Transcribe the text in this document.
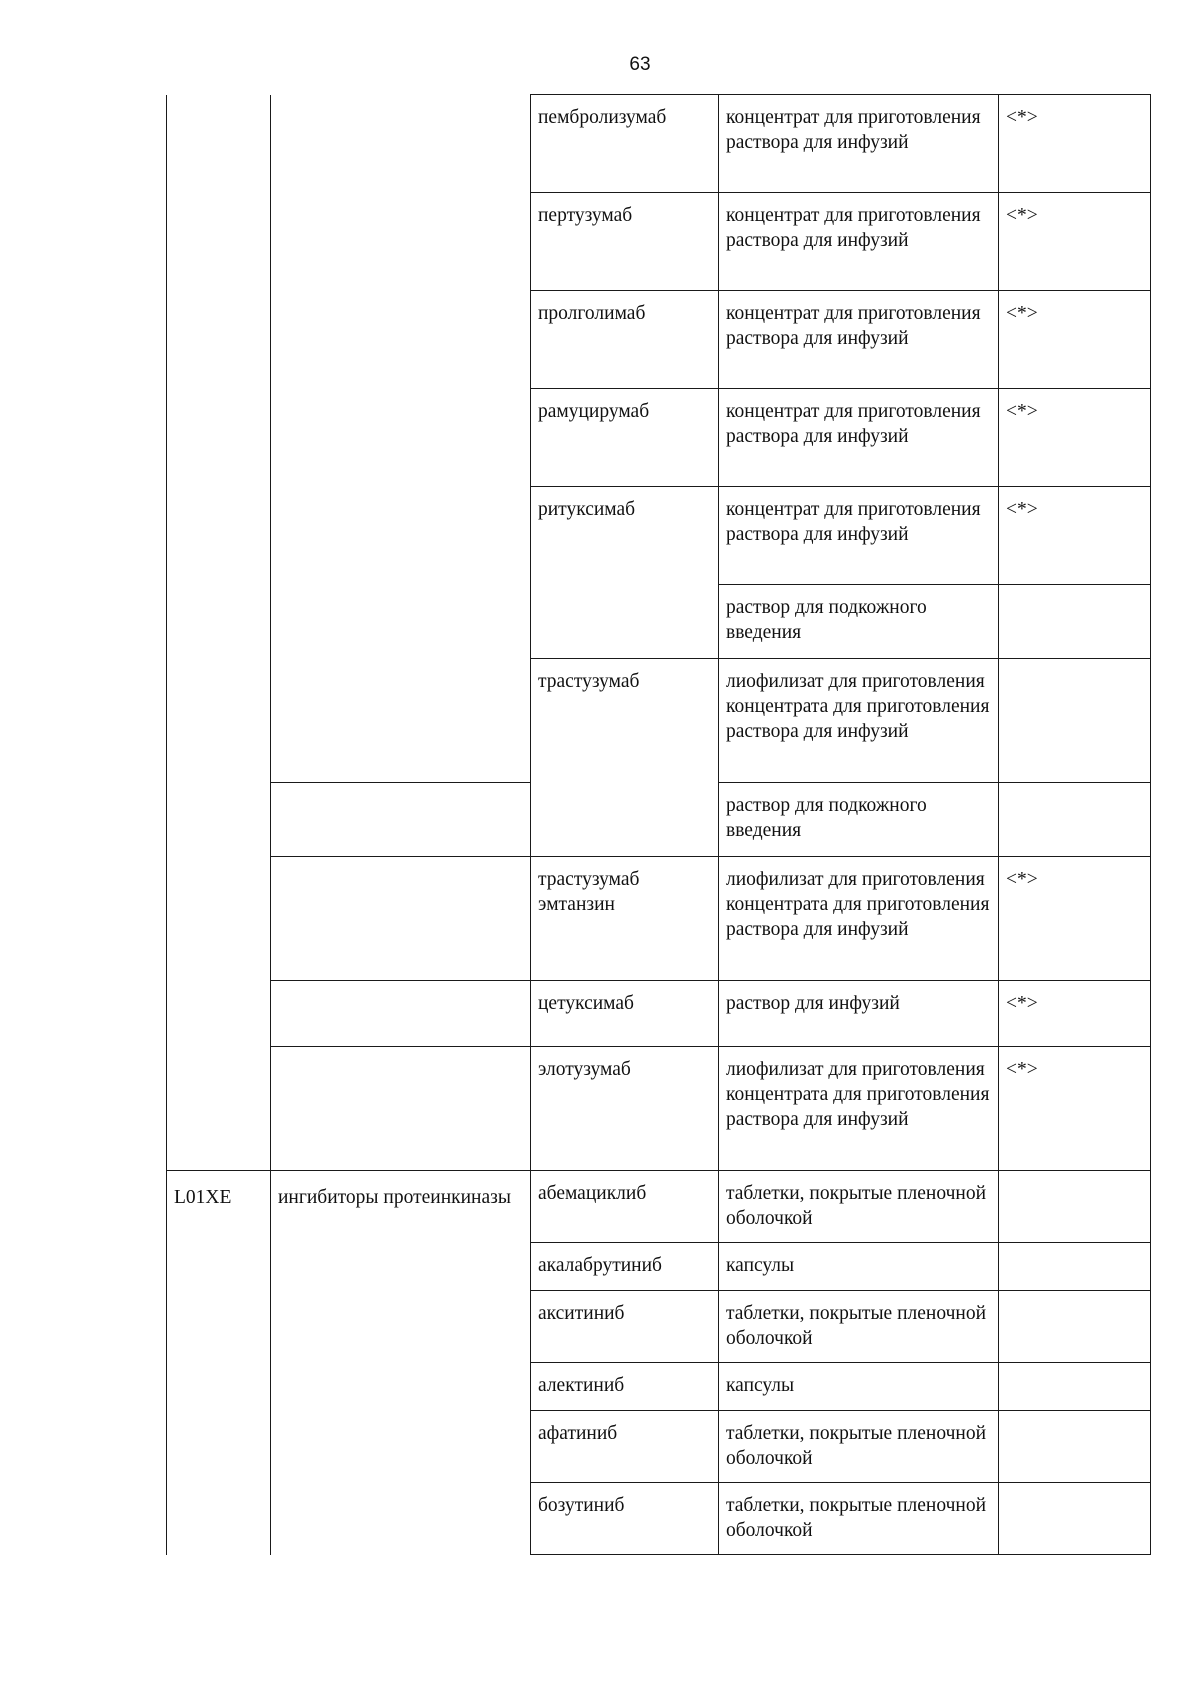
63
		пембролизумаб	концентрат для приготовления раствора для инфузий	<*>
		пертузумаб	концентрат для приготовления раствора для инфузий	<*>
		пролголимаб	концентрат для приготовления раствора для инфузий	<*>
		рамуцирумаб	концентрат для приготовления раствора для инфузий	<*>
		ритуксимаб	концентрат для приготовления раствора для инфузий	<*>
			раствор для подкожного введения	
		трастузумаб	лиофилизат для приготовления концентрата для приготовления раствора для инфузий	
			раствор для подкожного введения	
		трастузумаб эмтанзин	лиофилизат для приготовления концентрата для приготовления раствора для инфузий	<*>
		цетуксимаб	раствор для инфузий	<*>
		элотузумаб	лиофилизат для приготовления концентрата для приготовления раствора для инфузий	<*>
L01XE	ингибиторы протеинкиназы	абемациклиб	таблетки, покрытые пленочной оболочкой	
		акалабрутиниб	капсулы	
		акситиниб	таблетки, покрытые пленочной оболочкой	
		алектиниб	капсулы	
		афатиниб	таблетки, покрытые пленочной оболочкой	
		бозутиниб	таблетки, покрытые пленочной оболочкой	
